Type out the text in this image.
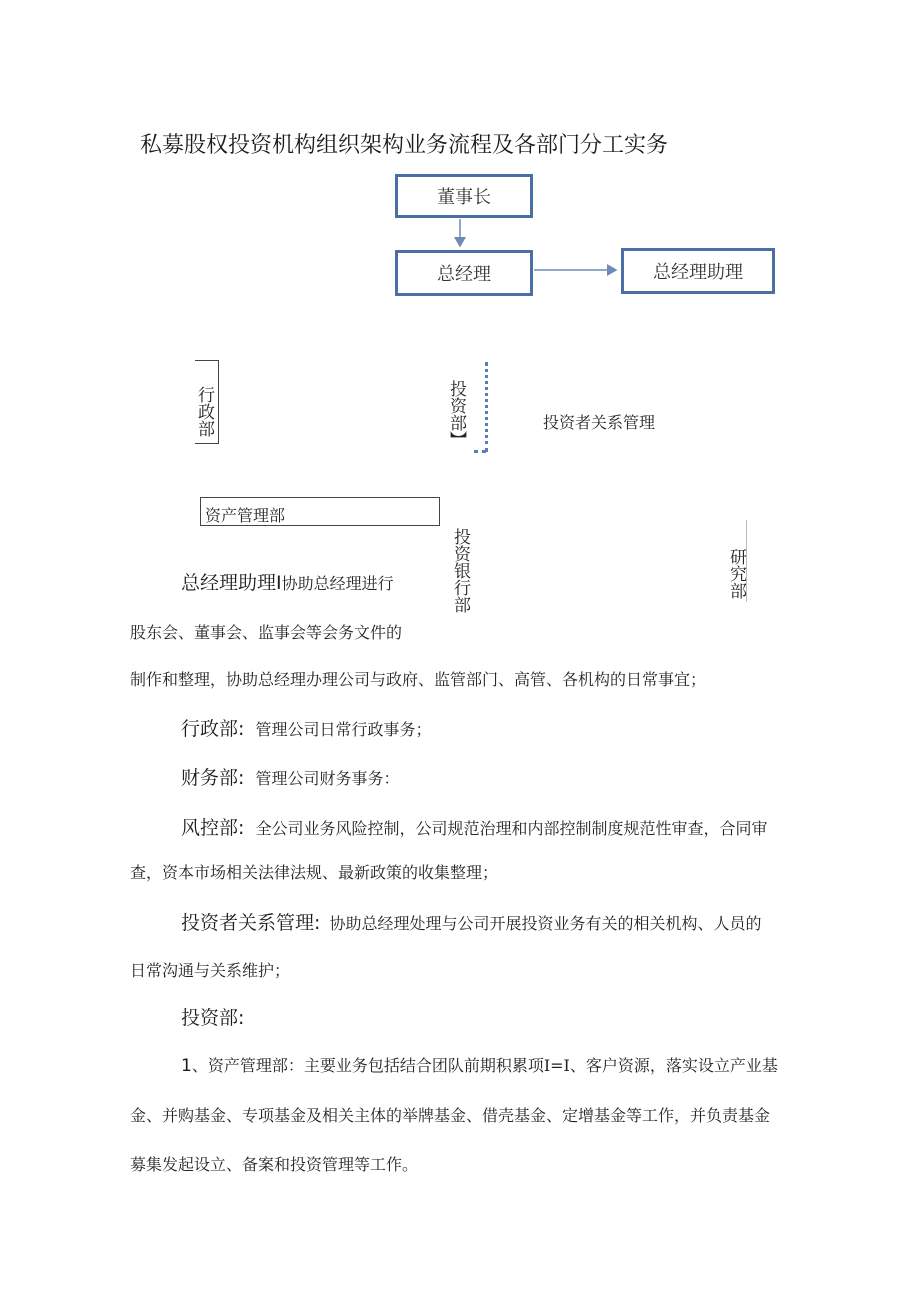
私募股权投资机构组织架构业务流程及各部门分工实务
董事长
总经理	总经理助理
行政部	投资部】	投资者关系管理
资产管理部
投资银行部	研究部
总经理助理I协助总经理进行
股东会、董事会、监事会等会务文件的
制作和整理，协助总经理办理公司与政府、监管部门、高管、各机构的日常事宜；
行政部: 管理公司日常行政事务；
财务部: 管理公司财务事务：
风控部: 全公司业务风险控制，公司规范治理和内部控制制度规范性审查，合同审
查，资本市场相关法律法规、最新政策的收集整理；
投资者关系管理: 协助总经理处理与公司开展投资业务有关的相关机构、人员的
日常沟通与关系维护；
投资部:
1、资产管理部：主要业务包括结合团队前期积累项I=I、客户资源，落实设立产业基
金、并购基金、专项基金及相关主体的举牌基金、借壳基金、定增基金等工作，并负责基金
募集发起设立、备案和投资管理等工作。
